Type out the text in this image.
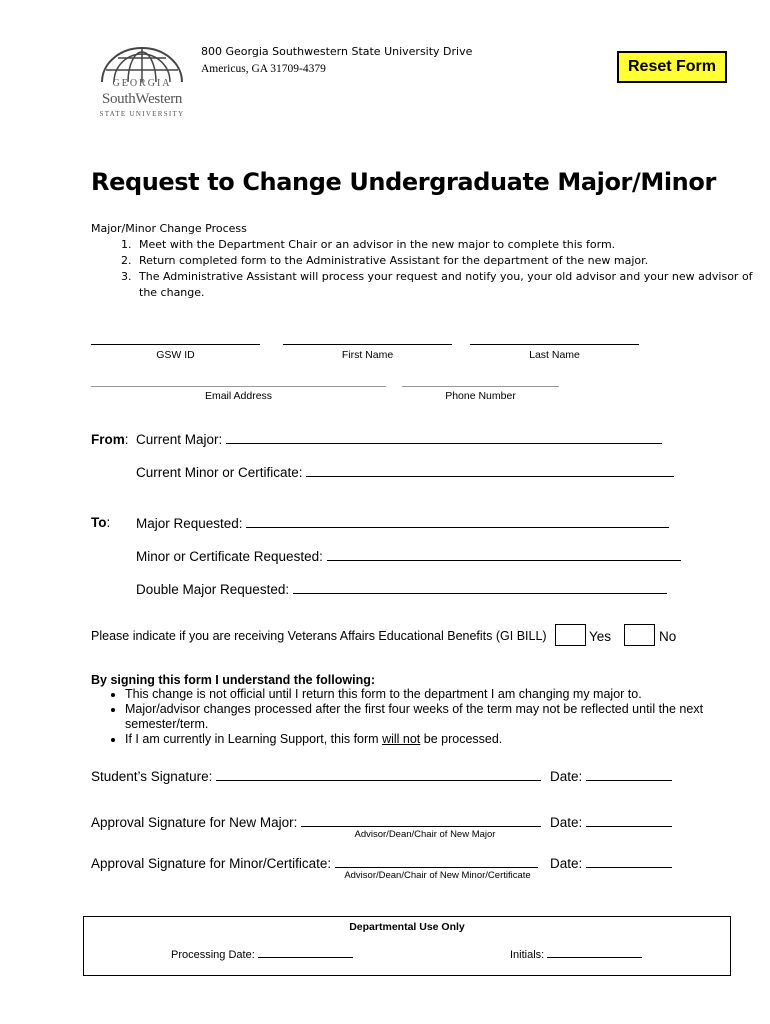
GEORGIA
SouthWestern
STATE UNIVERSITY
800 Georgia Southwestern State University Drive
Americus, GA 31709-4379	Reset Form
Request to Change Undergraduate Major/Minor
Major/Minor Change Process
1. Meet with the Department Chair or an advisor in the new major to complete this form.
2. Return completed form to the Administrative Assistant for the department of the new major.
3. The Administrative Assistant will process your request and notify you, your old advisor and your new advisor of the change.
GSW ID	First Name	Last Name
Email Address	Phone Number
From:  Current Major:
Current Minor or Certificate:
To: Major Requested:
Minor or Certificate Requested:
Double Major Requested:
Please indicate if you are receiving Veterans Affairs Educational Benefits (GI BILL)	Yes	No
By signing this form I understand the following:
• This change is not official until I return this form to the department I am changing my major to.
• Major/advisor changes processed after the first four weeks of the term may not be reflected until the next semester/term.
• If I am currently in Learning Support, this form will not be processed.
Student’s Signature:	Date:
Approval Signature for New Major:	Date:
Advisor/Dean/Chair of New Major
Approval Signature for Minor/Certificate:	Date:
Advisor/Dean/Chair of New Minor/Certificate
Departmental Use Only
Processing Date:	Initials:
